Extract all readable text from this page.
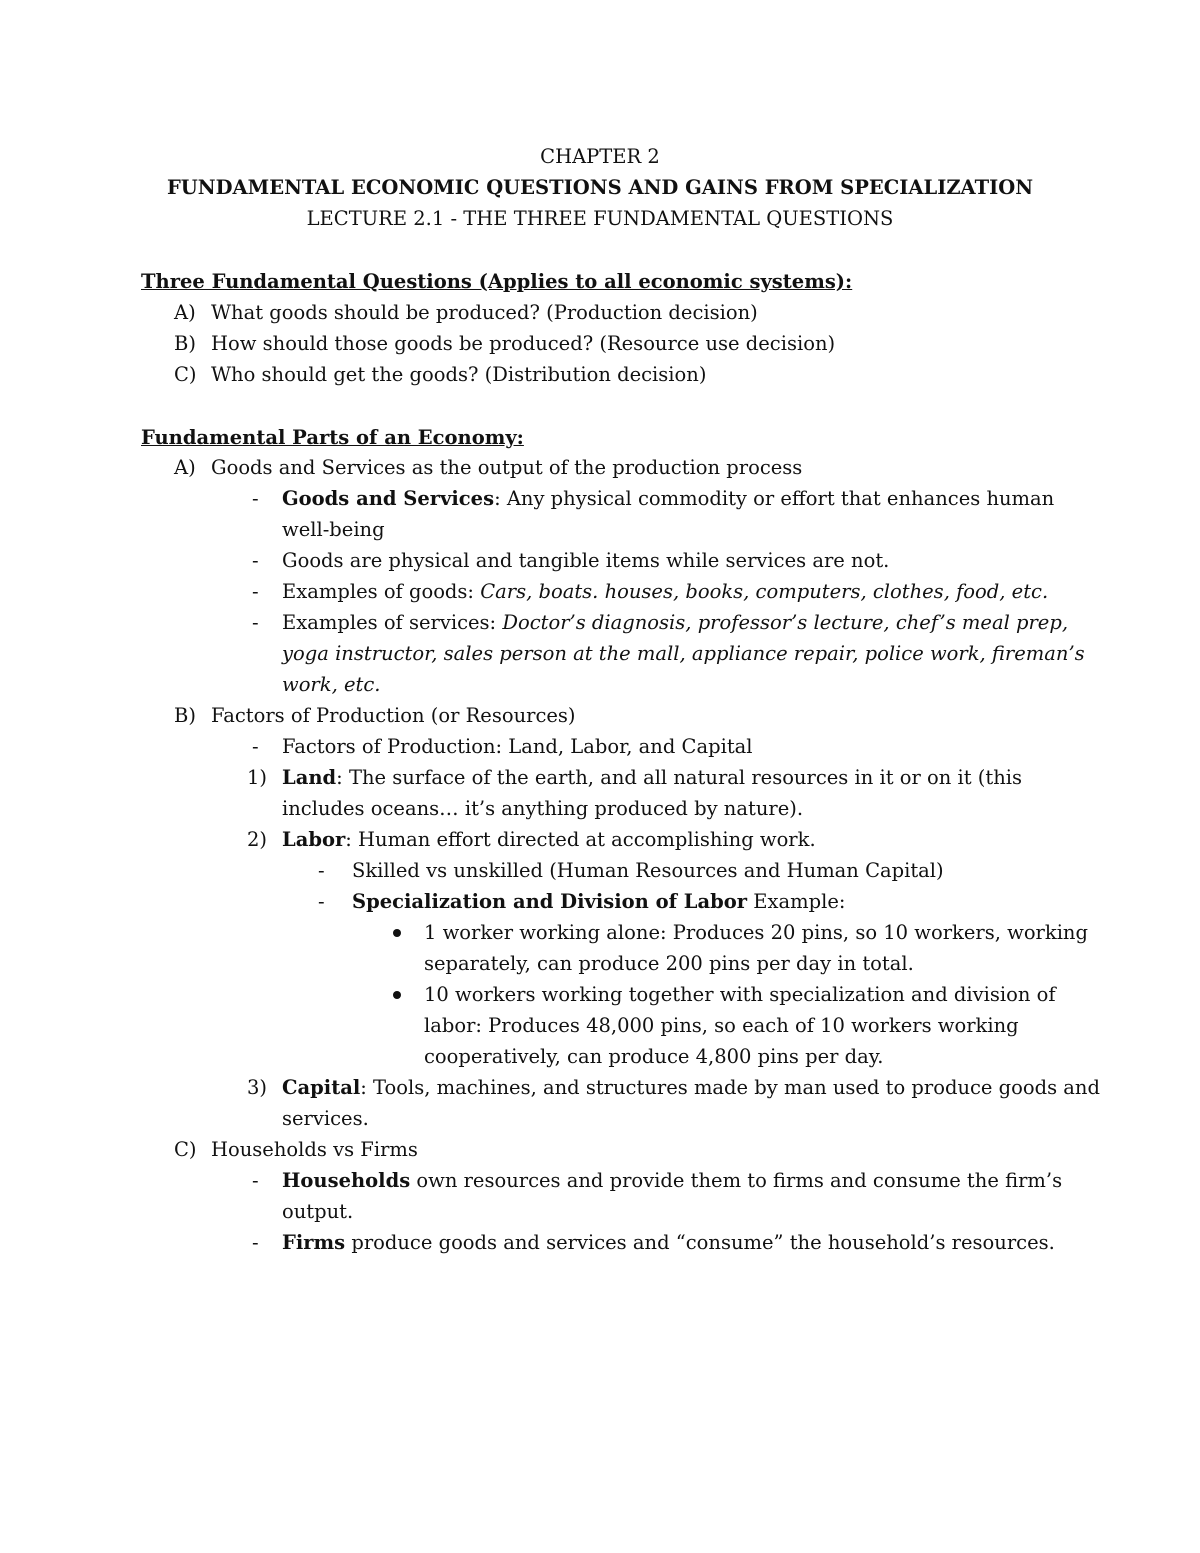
CHAPTER 2
FUNDAMENTAL ECONOMIC QUESTIONS AND GAINS FROM SPECIALIZATION
LECTURE 2.1 - THE THREE FUNDAMENTAL QUESTIONS
Three Fundamental Questions (Applies to all economic systems):
A) What goods should be produced? (Production decision)
B) How should those goods be produced? (Resource use decision)
C) Who should get the goods? (Distribution decision)
Fundamental Parts of an Economy:
A) Goods and Services as the output of the production process
- Goods and Services: Any physical commodity or effort that enhances human
well-being
- Goods are physical and tangible items while services are not.
- Examples of goods: Cars, boats. houses, books, computers, clothes, food, etc.
- Examples of services: Doctor’s diagnosis, professor’s lecture, chef’s meal prep,
yoga instructor, sales person at the mall, appliance repair, police work, fireman’s
work, etc.
B) Factors of Production (or Resources)
- Factors of Production: Land, Labor, and Capital
1) Land: The surface of the earth, and all natural resources in it or on it (this
includes oceans… it’s anything produced by nature).
2) Labor: Human effort directed at accomplishing work.
- Skilled vs unskilled (Human Resources and Human Capital)
- Specialization and Division of Labor Example:
1 worker working alone: Produces 20 pins, so 10 workers, working
separately, can produce 200 pins per day in total.
10 workers working together with specialization and division of
labor: Produces 48,000 pins, so each of 10 workers working
cooperatively, can produce 4,800 pins per day.
3) Capital: Tools, machines, and structures made by man used to produce goods and
services.
C) Households vs Firms
- Households own resources and provide them to firms and consume the firm’s
output.
- Firms produce goods and services and “consume” the household’s resources.
